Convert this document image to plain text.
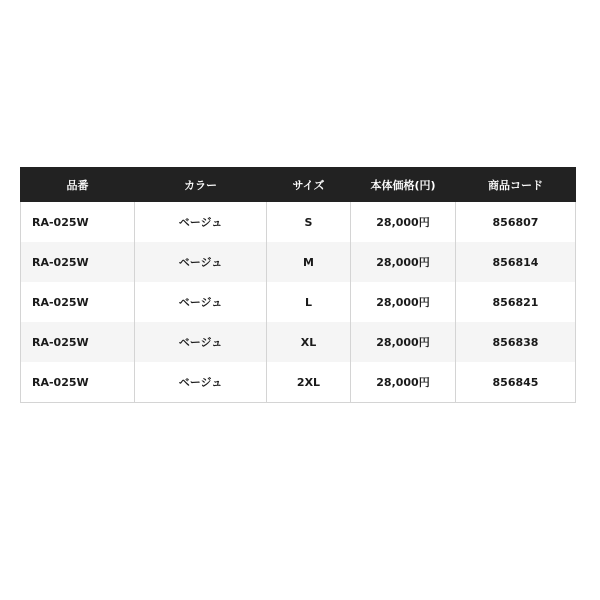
品番	カラー	サイズ	本体価格(円)	商品コード
RA-025W	ベージュ	S	28,000円	856807
RA-025W	ベージュ	M	28,000円	856814
RA-025W	ベージュ	L	28,000円	856821
RA-025W	ベージュ	XL	28,000円	856838
RA-025W	ベージュ	2XL	28,000円	856845
